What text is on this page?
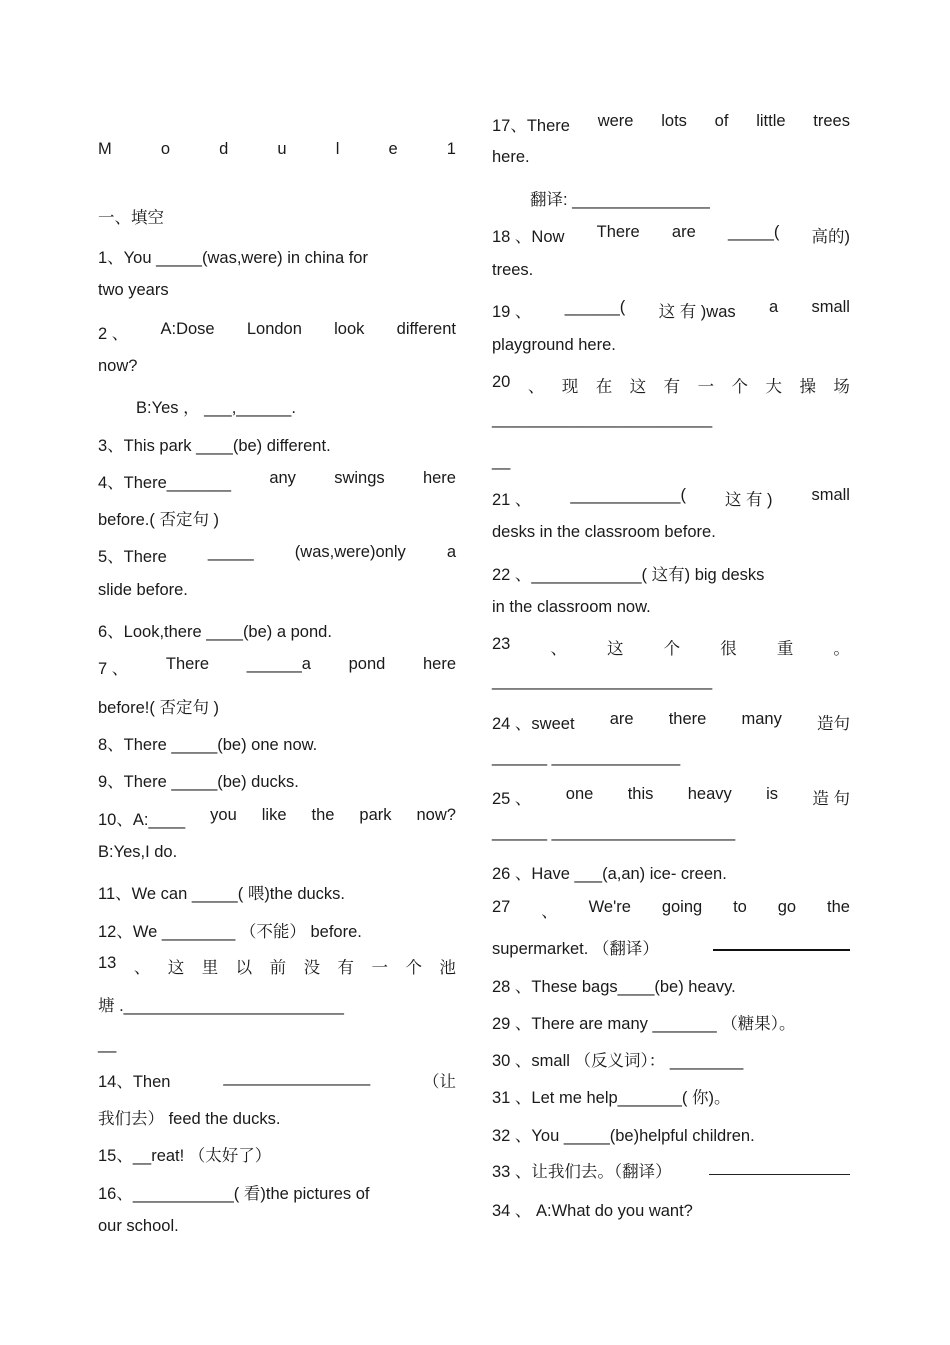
M	o	d	u	l	e	1
一、填空
1、You _____(was,were) in china for
two years
2 、 A:Dose London look different
now?
B:Yes ， ___,______.
3、This park ____(be) different.
4、There_______ any swings here
before.( 否定句 )
5、There _____ (was,were)only a
slide before.
6、Look,there ____(be) a pond.
7 、 There ______a pond here
before!( 否定句 )
8、There _____(be) one now.
9、There _____(be) ducks.
10、A:____ you like the park now?
B:Yes,I do.
11、We can _____( 喂)the ducks.
12、We ________ （不能） before.
13 、 这 里 以 前 没 有 一 个 池
塘 .________________________
__
14、Then	________________	（让
我们去） feed the ducks.
15、__reat! （太好了）
16、___________( 看)the pictures of
our school.
17、There were lots of little trees
here.
翻译: _______________
18 、Now There are _____( 高的)
trees.
19 、 ______( 这 有 )was a small
playground here.
20 、 现 在 这 有 一 个 大 操 场
________________________
__
21 、 ____________( 这 有 ) small
desks in the classroom before.
22 、____________( 这有) big desks
in the classroom now.
23 、 这 个 很 重 。
________________________
24 、sweet are there many 造句
______ ______________
25 、 one this heavy is 造 句
______ ____________________
26 、Have ___(a,an) ice- creen.
27 、 We're going to go the
supermarket. （翻译）
28 、These bags____(be) heavy.
29 、There are many _______ （糖果）。
30 、small （反义词）： ________
31 、Let me help_______( 你)。
32 、You _____(be)helpful children.
33 、让我们去。（翻译）
34 、 A:What do you want?
